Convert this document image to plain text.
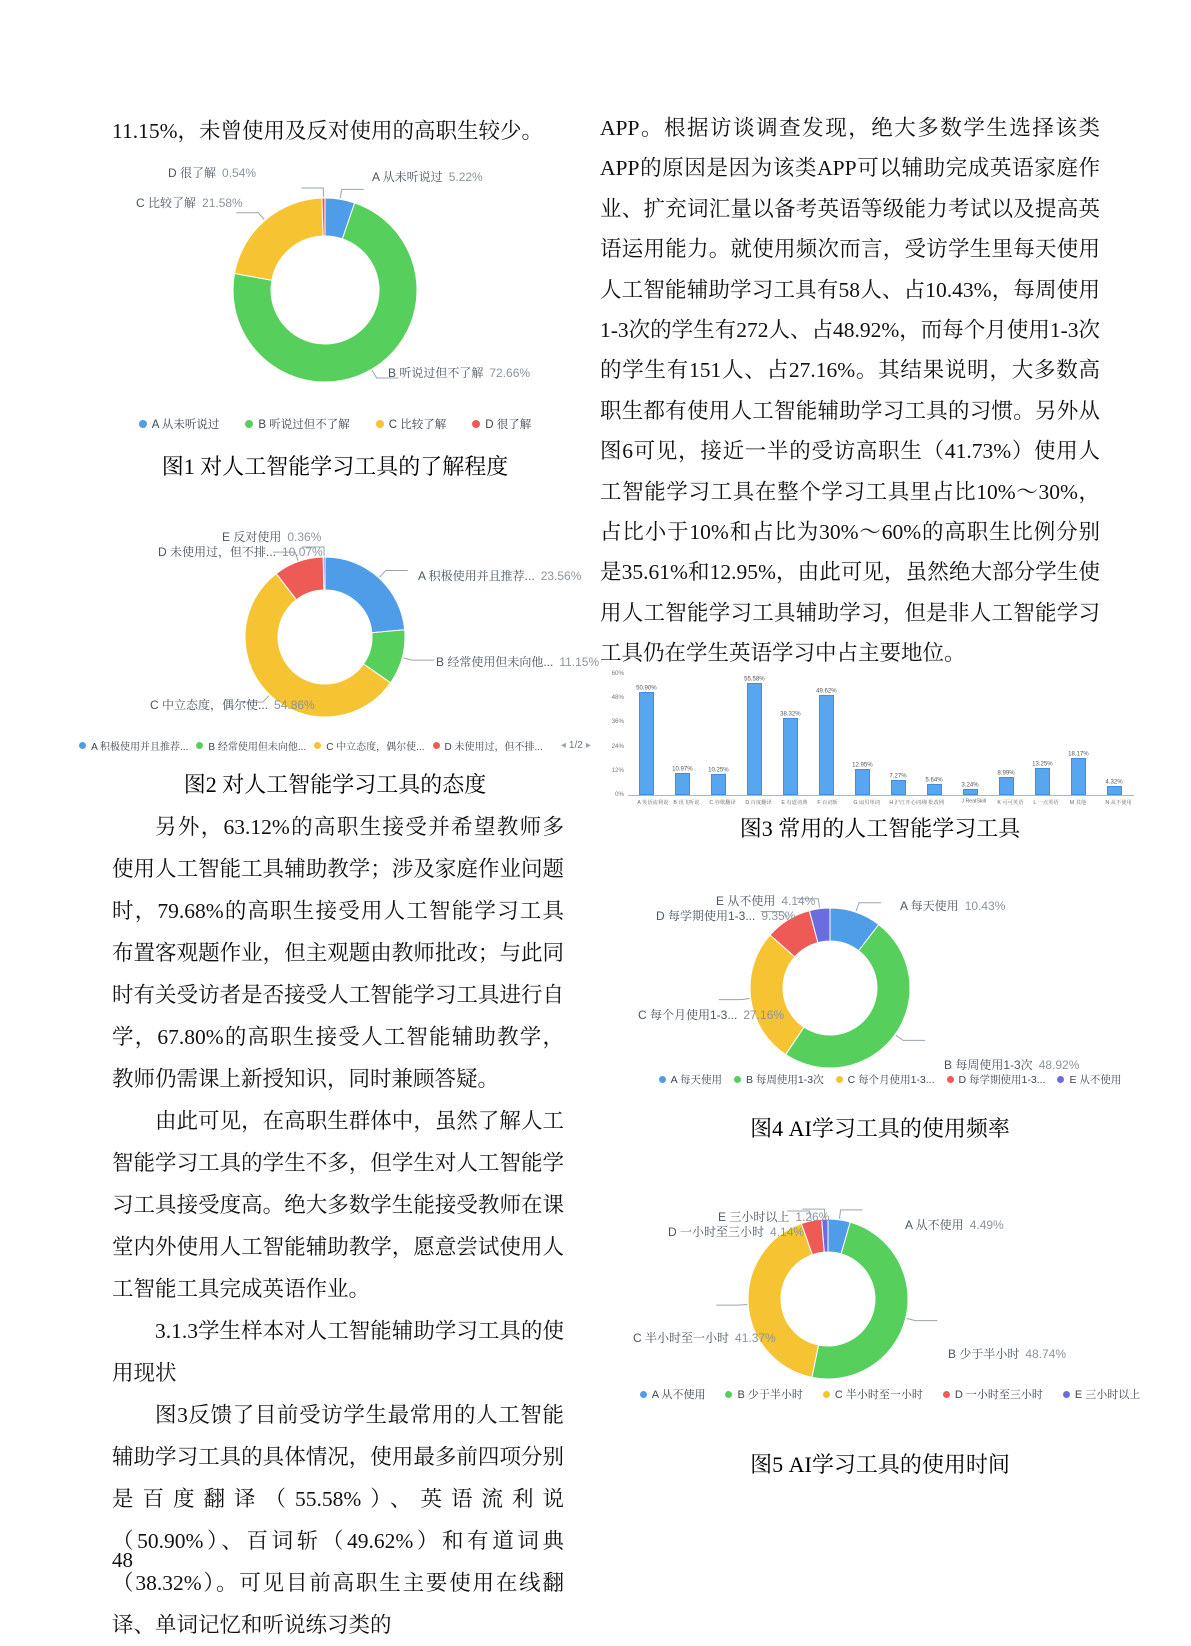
11.15%，未曾使用及反对使用的高职生较少。

D 很了解 0.54%	A 从未听说过 5.22%
C 比较了解 21.58%
B 听说过但不了解 72.66%
A 从未听说过	B 听说过但不了解	C 比较了解	D 很了解
图1 对人工智能学习工具的了解程度
E 反对使用 0.36%
D 未使用过，但不排... 10.07%
A 积极使用并且推荐... 23.56%
B 经常使用但未向他... 11.15%
C 中立态度，偶尔使... 54.86%
A 积极使用并且推荐... B 经常使用但未向他... C 中立态度，偶尔使... D 未使用过，但不排... ◂ 1/2 ▸
图2 对人工智能学习工具的态度

另外，63.12%的高职生接受并希望教师多使用人工智能工具辅助教学；涉及家庭作业问题时，79.68%的高职生接受用人工智能学习工具布置客观题作业，但主观题由教师批改；与此同时有关受访者是否接受人工智能学习工具进行自学，67.80%的高职生接受人工智能辅助教学，教师仍需课上新授知识，同时兼顾答疑。

由此可见，在高职生群体中，虽然了解人工智能学习工具的学生不多，但学生对人工智能学习工具接受度高。绝大多数学生能接受教师在课堂内外使用人工智能辅助教学，愿意尝试使用人工智能工具完成英语作业。

3.1.3学生样本对人工智能辅助学习工具的使用现状

图3反馈了目前受访学生最常用的人工智能辅助学习工具的具体情况，使用最多前四项分别是百度翻译（55.58%）、英语流利说（50.90%）、百词斩（49.62%）和有道词典（38.32%）。可见目前高职生主要使用在线翻译、单词记忆和听说练习类的

48

APP。根据访谈调查发现，绝大多数学生选择该类APP的原因是因为该类APP可以辅助完成英语家庭作业、扩充词汇量以备考英语等级能力考试以及提高英语运用能力。就使用频次而言，受访学生里每天使用人工智能辅助学习工具有58人、占10.43%，每周使用1-3次的学生有272人、占48.92%，而每个月使用1-3次的学生有151人、占27.16%。其结果说明，大多数高职生都有使用人工智能辅助学习工具的习惯。另外从图6可见，接近一半的受访高职生（41.73%）使用人工智能学习工具在整个学习工具里占比10%～30%，占比小于10%和占比为30%～60%的高职生比例分别是35.61%和12.95%，由此可见，虽然绝大部分学生使用人工智能学习工具辅助学习，但是非人工智能学习工具仍在学生英语学习中占主要地位。

60%
48%
36%
24%
12%
0%
50.90%
10.97% 10.25%
55.58%
38.32%
49.62%
12.95%
7.27% 5.64%
3.24%
8.99%
13.25%
18.17%
4.32%
A 英语流利说 B 讯飞听说 C 谷歌翻译 D 百度翻译 E 有道词典 F 百词斩 G 扇贝单词 H 沪江开心词场 I 批改网 J RealSkill K 可可英语 L 一点英语 M 其他 N 从不使用
图3 常用的人工智能学习工具
E 从不使用 4.14%
D 每学期使用1-3... 9.35%
A 每天使用 10.43%
C 每个月使用1-3... 27.16%
B 每周使用1-3次 48.92%
A 每天使用 B 每周使用1-3次 C 每个月使用1-3... D 每学期使用1-3... E 从不使用
图4 AI学习工具的使用频率
E 三小时以上 1.26%
D 一小时至三小时 4.14%	A 从不使用 4.49%
C 半小时至一小时 41.37%
B 少于半小时 48.74%
A 从不使用	B 少于半小时	C 半小时至一小时	D 一小时至三小时	E 三小时以上
图5 AI学习工具的使用时间
